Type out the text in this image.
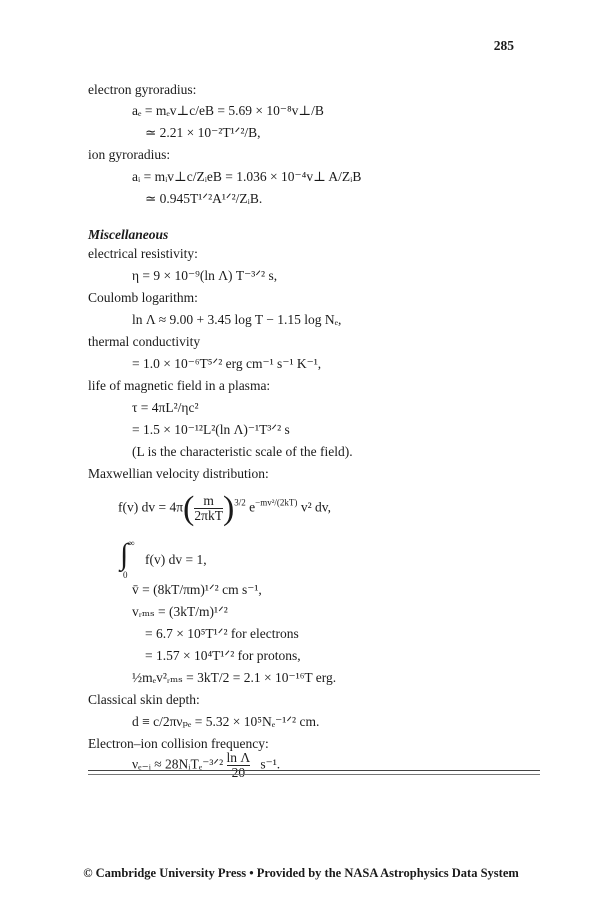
285
electron gyroradius:
aₑ = mₑv⊥c/eB = 5.69 × 10⁻⁸v⊥/B
≃ 2.21 × 10⁻²T¹ᐟ²/B,
ion gyroradius:
aᵢ = mᵢv⊥c/ZᵢeB = 1.036 × 10⁻⁴v⊥ A/ZᵢB
≃ 0.945T¹ᐟ²A¹ᐟ²/ZᵢB.
Miscellaneous
electrical resistivity:
η = 9 × 10⁻⁹(ln Λ) T⁻³ᐟ² s,
Coulomb logarithm:
ln Λ ≈ 9.00 + 3.45 log T − 1.15 log Nₑ,
thermal conductivity
= 1.0 × 10⁻⁶T⁵ᐟ² erg cm⁻¹ s⁻¹ K⁻¹,
life of magnetic field in a plasma:
τ = 4πL²/ηc²
= 1.5 × 10⁻¹²L²(ln Λ)⁻¹T³ᐟ² s
(L is the characteristic scale of the field).
Maxwellian velocity distribution:
f(v) dv = $4\pi( \frac{m}{\text{2πkT}} )^{3/2}$ $e^{-mv^2/(2kT)}$ v² dv,
∫ ∞
0
f(v) dv = 1,
v̄ = (8kT/πm)¹ᐟ² cm s⁻¹,
vᵣₘₛ = (3kT/m)¹ᐟ²
= 6.7 × 10⁵T¹ᐟ² for electrons
= 1.57 × 10⁴T¹ᐟ² for protons,
½mₑv²ᵣₘₛ = 3kT/2 = 2.1 × 10⁻¹⁶T erg.
Classical skin depth:
d ≡ c/2πνₚₑ = 5.32 × 10⁵Nₑ⁻¹ᐟ² cm.
Electron–ion collision frequency:
νₑ₋ᵢ ≈ 28NᵢTₑ⁻³ᐟ² $\frac{\text{ln Λ}}{20} s^{-1}$.
© Cambridge University Press • Provided by the NASA Astrophysics Data System
